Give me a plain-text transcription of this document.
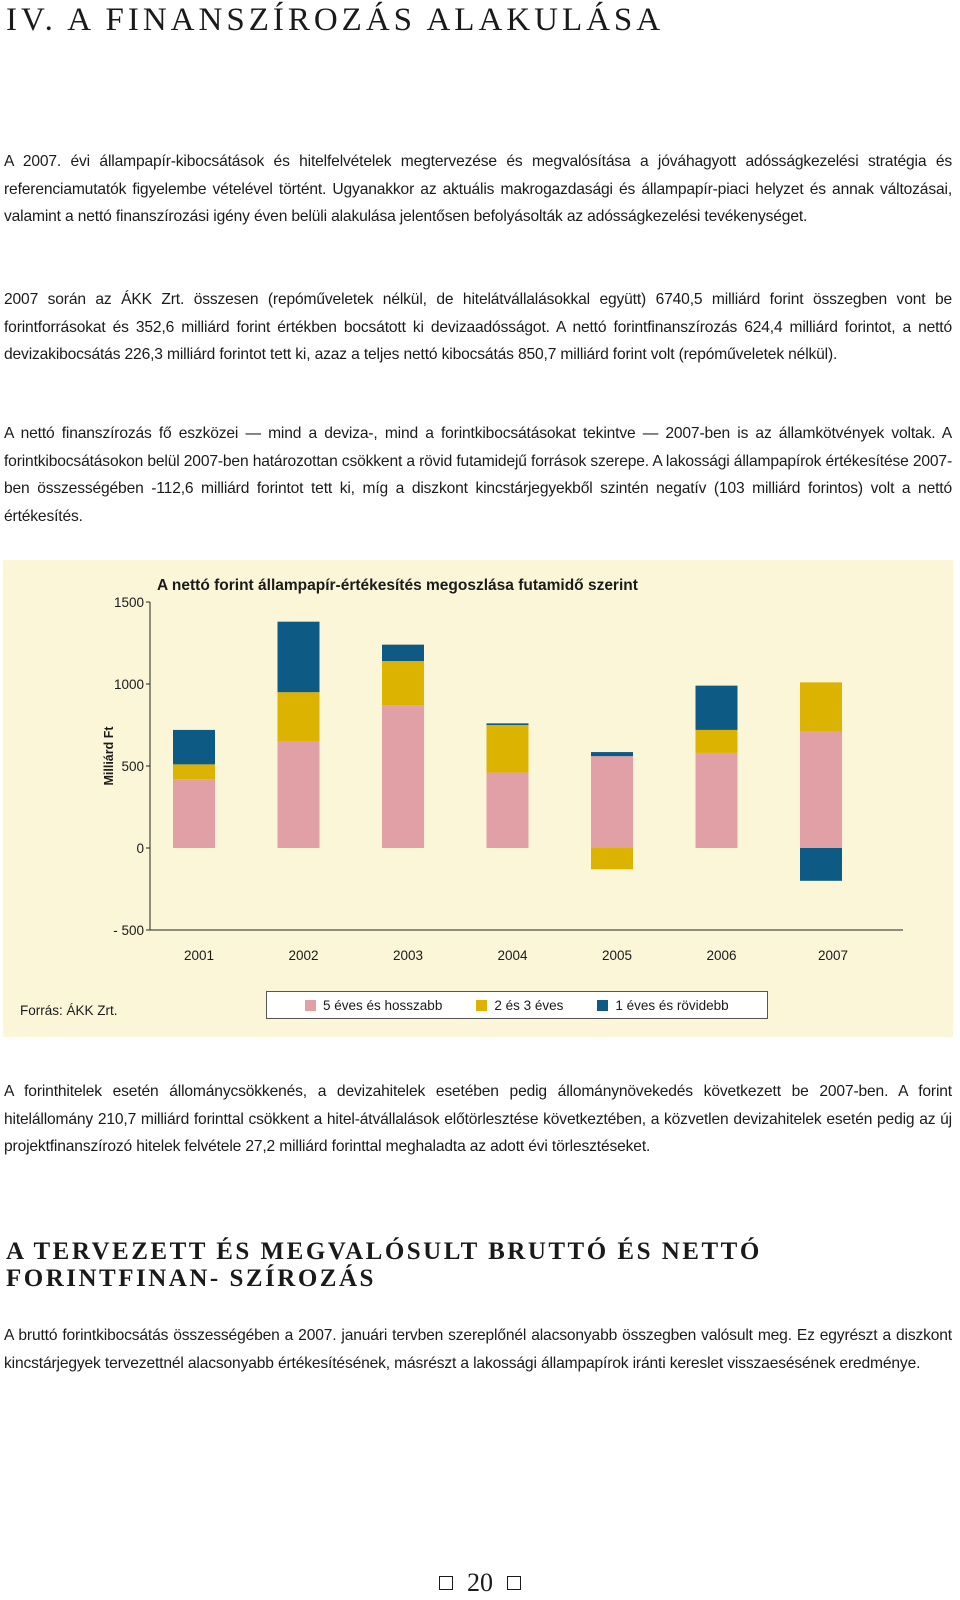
IV. A FINANSZÍROZÁS ALAKULÁSA

A 2007. évi állampapír-kibocsátások és hitelfelvételek megtervezése és megvalósítása a jóváhagyott adósságkezelési stratégia és referenciamutatók figyelembe vételével történt. Ugyanakkor az aktuális makrogazdasági és állampapír-piaci helyzet és annak változásai, valamint a nettó finanszírozási igény éven belüli alakulása jelentősen befolyásolták az adósságkezelési tevékenységet.

2007 során az ÁKK Zrt. összesen (repóműveletek nélkül, de hitelátvállalásokkal együtt) 6740,5 milliárd forint összegben vont be forintforrásokat és 352,6 milliárd forint értékben bocsátott ki devizaadósságot. A nettó forintfinanszírozás 624,4 milliárd forintot, a nettó devizakibocsátás 226,3 milliárd forintot tett ki, azaz a teljes nettó kibocsátás 850,7 milliárd forint volt (repóműveletek nélkül).

A nettó finanszírozás fő eszközei — mind a deviza-, mind a forintkibocsátásokat tekintve — 2007-ben is az államkötvények voltak. A forintkibocsátásokon belül 2007-ben határozottan csökkent a rövid futamidejű források szerepe. A lakossági állampapírok értékesítése 2007-ben összességében -112,6 milliárd forintot tett ki, míg a diszkont kincstárjegyekből szintén negatív (103 milliárd forintos) volt a nettó értékesítés.

A nettó forint állampapír-értékesítés megoszlása futamidő szerint
1500
1000
500
0
- 500
Milliárd Ft
2001	2002	2003	2004	2005	2006	2007
Forrás: ÁKK Zrt.	5 éves és hosszabb	2 és 3 éves	1 éves és rövidebb

A forinthitelek esetén állománycsökkenés, a devizahitelek esetében pedig állománynövekedés következett be 2007-ben. A forint hitelállomány 210,7 milliárd forinttal csökkent a hitel-átvállalások előtörlesztése következtében, a közvetlen devizahitelek esetén pedig az új projektfinanszírozó hitelek felvétele 27,2 milliárd forinttal meghaladta az adott évi törlesztéseket.

A TERVEZETT ÉS MEGVALÓSULT BRUTTÓ ÉS NETTÓ FORINTFINAN- SZÍROZÁS

A bruttó forintkibocsátás összességében a 2007. januári tervben szereplőnél alacsonyabb összegben valósult meg. Ez egyrészt a diszkont kincstárjegyek tervezettnél alacsonyabb értékesítésének, másrészt a lakossági állampapírok iránti kereslet visszaesésének eredménye.

20
